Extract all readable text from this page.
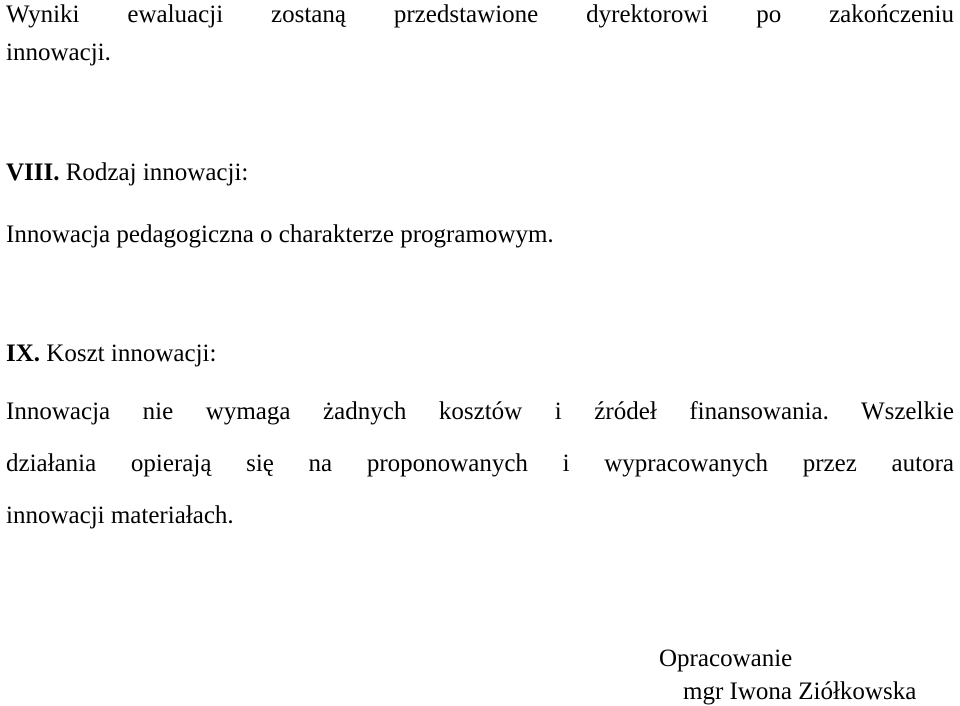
Wyniki ewaluacji zostaną przedstawione dyrektorowi po zakończeniu
innowacji.
VIII. Rodzaj innowacji:
Innowacja pedagogiczna o charakterze programowym.
IX. Koszt innowacji:
Innowacja nie wymaga żadnych kosztów i źródeł finansowania. Wszelkie
działania opierają się na proponowanych i wypracowanych przez autora
innowacji materiałach.
Opracowanie
mgr Iwona Ziółkowska
